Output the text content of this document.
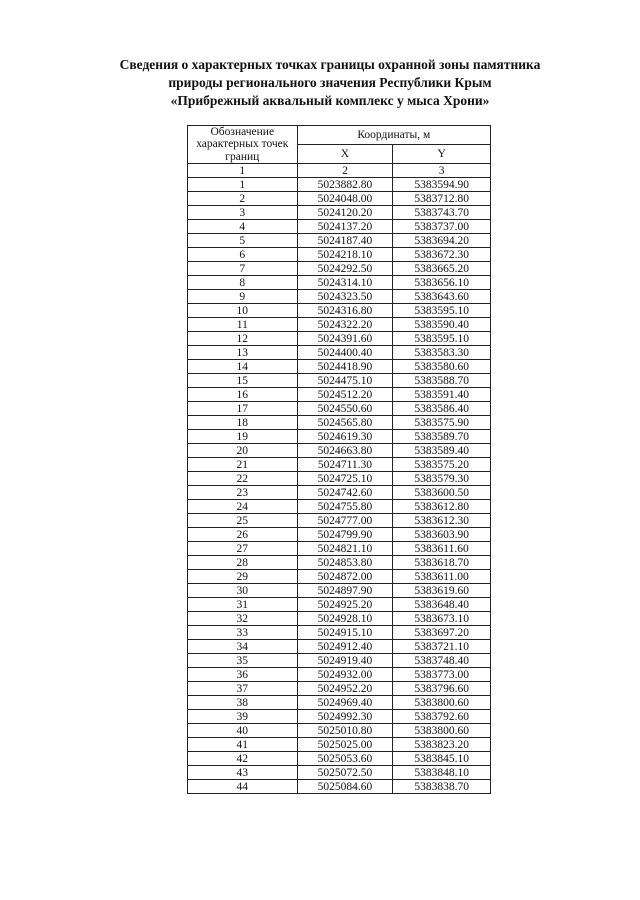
Сведения о характерных точках границы охранной зоны памятника
природы регионального значения Республики Крым
«Прибрежный аквальный комплекс у мыса Хрони»
Обозначение характерных точек границ	Координаты, м	
	X	Y
1	2	3
1	5023882.80	5383594.90
2	5024048.00	5383712.80
3	5024120.20	5383743.70
4	5024137.20	5383737.00
5	5024187.40	5383694.20
6	5024218.10	5383672.30
7	5024292.50	5383665.20
8	5024314.10	5383656.10
9	5024323.50	5383643.60
10	5024316.80	5383595.10
11	5024322.20	5383590.40
12	5024391.60	5383595.10
13	5024400.40	5383583.30
14	5024418.90	5383580.60
15	5024475.10	5383588.70
16	5024512.20	5383591.40
17	5024550.60	5383586.40
18	5024565.80	5383575.90
19	5024619.30	5383589.70
20	5024663.80	5383589.40
21	5024711.30	5383575.20
22	5024725.10	5383579.30
23	5024742.60	5383600.50
24	5024755.80	5383612.80
25	5024777.00	5383612.30
26	5024799.90	5383603.90
27	5024821.10	5383611.60
28	5024853.80	5383618.70
29	5024872.00	5383611.00
30	5024897.90	5383619.60
31	5024925.20	5383648.40
32	5024928.10	5383673.10
33	5024915.10	5383697.20
34	5024912.40	5383721.10
35	5024919.40	5383748.40
36	5024932.00	5383773.00
37	5024952.20	5383796.60
38	5024969.40	5383800.60
39	5024992.30	5383792.60
40	5025010.80	5383800.60
41	5025025.00	5383823.20
42	5025053.60	5383845.10
43	5025072.50	5383848.10
44	5025084.60	5383838.70
